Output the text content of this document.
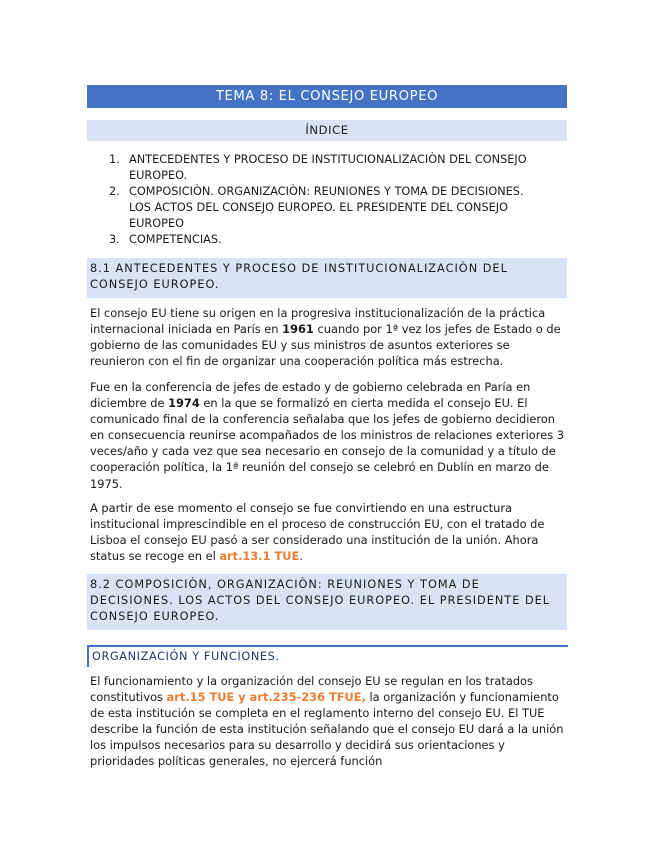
TEMA 8: EL CONSEJO EUROPEO
ÍNDICE
1. ANTECEDENTES Y PROCESO DE INSTITUCIONALIZACIÒN DEL CONSEJO EUROPEO.
2. COMPOSICIÒN. ORGANIZACIÒN: REUNIONES Y TOMA DE DECISIONES. LOS ACTOS DEL CONSEJO EUROPEO. EL PRESIDENTE DEL CONSEJO EUROPEO
3. COMPETENCIAS.
8.1 ANTECEDENTES Y PROCESO DE INSTITUCIONALIZACIÒN DEL CONSEJO EUROPEO.

El consejo EU tiene su origen en la progresiva institucionalización de la práctica internacional iniciada en París en 1961 cuando por 1ª vez los jefes de Estado o de gobierno de las comunidades EU y sus ministros de asuntos exteriores se reunieron con el fin de organizar una cooperación política más estrecha.

Fue en la conferencia de jefes de estado y de gobierno celebrada en Paría en diciembre de 1974 en la que se formalizó en cierta medida el consejo EU. El comunicado final de la conferencia señalaba que los jefes de gobierno decidieron en consecuencia reunirse acompañados de los ministros de relaciones exteriores 3 veces/año y cada vez que sea necesario en consejo de la comunidad y a título de cooperación política, la 1ª reunión del consejo se celebró en Dublín en marzo de 1975.

A partir de ese momento el consejo se fue convirtiendo en una estructura institucional imprescindible en el proceso de construcción EU, con el tratado de Lisboa el consejo EU pasó a ser considerado una institución de la unión. Ahora status se recoge en el art.13.1 TUE.

8.2 COMPOSICIÒN, ORGANIZACIÒN: REUNIONES Y TOMA DE DECISIONES. LOS ACTOS DEL CONSEJO EUROPEO. EL PRESIDENTE DEL CONSEJO EUROPEO.
ORGANIZACIÓN Y FUNCIONES.

El funcionamiento y la organización del consejo EU se regulan en los tratados constitutivos art.15 TUE y art.235-236 TFUE, la organización y funcionamiento de esta institución se completa en el reglamento interno del consejo EU. El TUE describe la función de esta institución señalando que el consejo EU dará a la unión los impulsos necesarios para su desarrollo y decidirá sus orientaciones y prioridades políticas generales, no ejercerá función
